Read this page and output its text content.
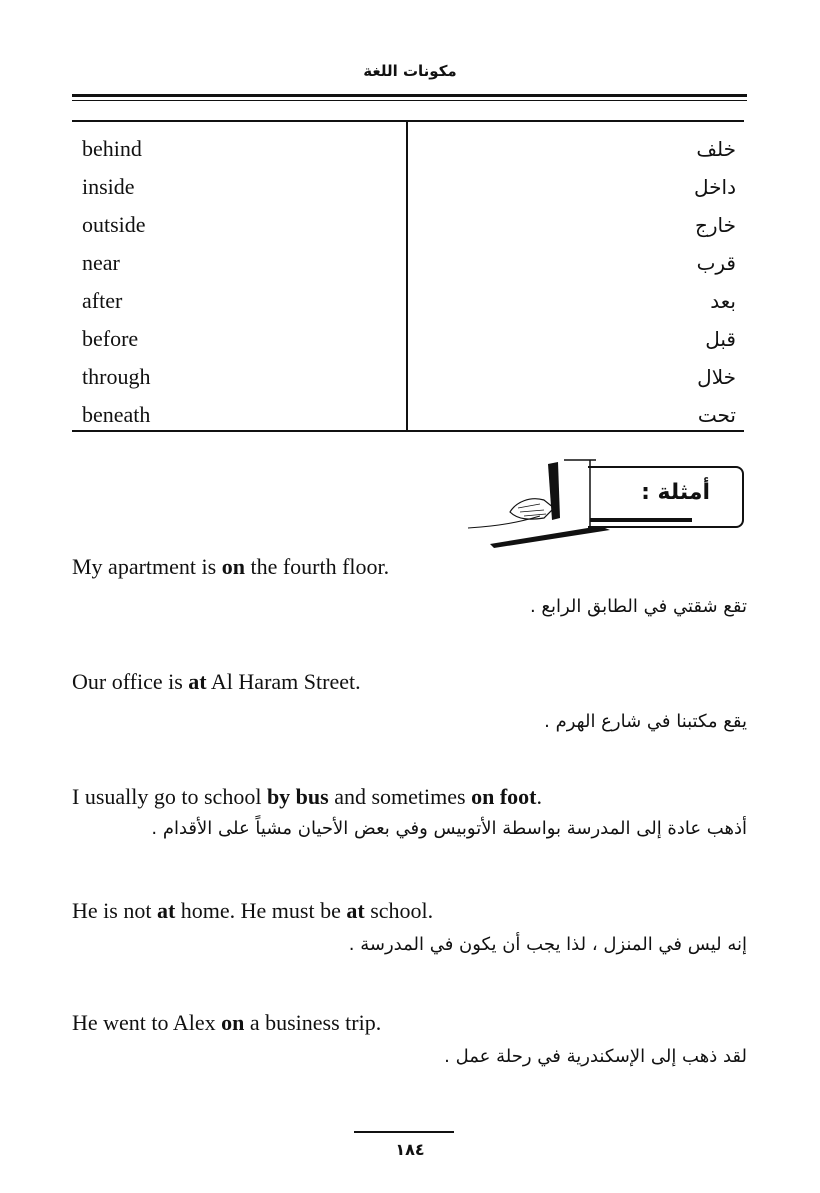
مكونات اللغة
behind
inside
outside
near
after
before
through
beneath
خلف
داخل
خارج
قرب
بعد
قبل
خلال
تحت
أمثلة :
My apartment is on the fourth floor.
تقع شقتي في الطابق الرابع .
Our office is at Al Haram Street.
يقع مكتبنا في شارع الهرم .
I usually go to school by bus and sometimes on foot.
أذهب عادة إلى المدرسة بواسطة الأتوبيس وفي بعض الأحيان مشياً على الأقدام .
He is not at home. He must be at school.
إنه ليس في المنزل ، لذا يجب أن يكون في المدرسة .
He went to Alex on a business trip.
لقد ذهب إلى الإسكندرية في رحلة عمل .
١٨٤
